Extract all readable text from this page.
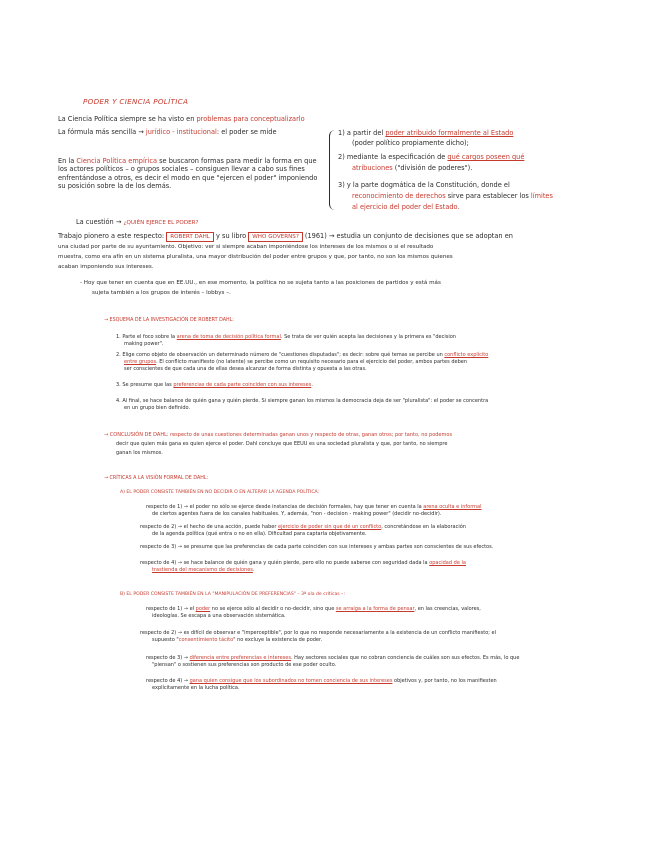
PODER Y CIENCIA POLÍTICA
La Ciencia Política siempre se ha visto en problemas para conceptualizarlo
La fórmula más sencilla → jurídico - institucional: el poder se mide	1) a partir del poder atribuido formalmente al Estado
(poder político propiamente dicho);
2) mediante la especificación de qué cargos poseen qué
atribuciones ("división de poderes").
3) y la parte dogmática de la Constitución, donde el
reconocimiento de derechos sirve para establecer los límites
al ejercicio del poder del Estado.
En la Ciencia Política empírica se buscaron formas para medir la forma en que los actores políticos – o grupos sociales – consiguen llevar a cabo sus fines enfrentándose a otros, es decir el modo en que "ejercen el poder" imponiendo su posición sobre la de los demás.
La cuestión → ¿QUIÉN EJERCE EL PODER?
Trabajo pionero a este respecto: ROBERT DAHL y su libro WHO GOVERNS? (1961) → estudia un conjunto de decisiones que se adoptan en
una ciudad por parte de su ayuntamiento. Objetivo: ver si siempre acaban imponiéndose los intereses de los mismos o si el resultado
muestra, como era afín en un sistema pluralista, una mayor distribución del poder entre grupos y que, por tanto, no son los mismos quienes
acaban imponiendo sus intereses.
- Hoy que tener en cuenta que en EE.UU., en ese momento, la política no se sujeta tanto a las posiciones de partidos y está más
sujeta también a los grupos de interés – lobbys –.
→ ESQUEMA DE LA INVESTIGACIÓN DE ROBERT DAHL:
1. Parte el foco sobre la arena de toma de decisión política formal. Se trata de ver quién acepta las decisiones y la primera es "decision
making power".
2. Elige como objeto de observación un determinado número de "cuestiones disputadas"; es decir: sobre qué temas se percibe un conflicto explícito
entre grupos. El conflicto manifiesto (no latente) se percibe como un requisito necesario para el ejercicio del poder, ambos partes deben
ser conscientes de que cada una de ellas desea alcanzar de forma distinta y opuesta a las otras.
3. Se presume que las preferencias de cada parte coinciden con sus intereses.
4. Al final, se hace balance de quién gana y quién pierde. Si siempre ganan los mismos la democracia deja de ser "pluralista": el poder se concentra
en un grupo bien definido.
→ CONCLUSIÓN DE DAHL: respecto de unas cuestiones determinadas ganan unos y respecto de otras, ganan otros; por tanto, no podemos
decir que quien más gana es quien ejerce el poder. Dahl concluye que EEUU es una sociedad pluralista y que, por tanto, no siempre
ganan los mismos.
→ CRÍTICAS A LA VISIÓN FORMAL DE DAHL:
A) EL PODER CONSISTE TAMBIÉN EN NO DECIDIR O EN ALTERAR LA AGENDA POLÍTICA:
respecto de 1) → el poder no sólo se ejerce desde instancias de decisión formales, hay que tener en cuenta la arena oculta e informal
de ciertos agentes fuera de los canales habituales. Y, además, "non - decision - making power" (decidir no-decidir).
respecto de 2) → el hecho de una acción, puede haber ejercicio de poder sin que dé un conflicto, concretándose en la elaboración
de la agenda política (qué entra o no en ella). Dificultad para captarla objetivamente.
respecto de 3) → se presume que las preferencias de cada parte coinciden con sus intereses y ambas partes son conscientes de sus efectos.
respecto de 4) → se hace balance de quién gana y quién pierde, pero ello no puede saberse con seguridad dada la opacidad de la
trastienda del mecanismo de decisiones.
B) EL PODER CONSISTE TAMBIÉN EN LA "MANIPULACIÓN DE PREFERENCIAS" – 3ª ola de críticas –:
respecto de 1) → el poder no se ejerce sólo al decidir o no-decidir, sino que se arraiga a la forma de pensar, en las creencias, valores,
ideologías. Se escapa a una observación sistemática.
respecto de 2) → es difícil de observar e "imperceptible", por lo que no responde necesariamente a la existencia de un conflicto manifiesto; el
supuesto "consentimiento tácito" no excluye la existencia de poder.
respecto de 3) → diferencia entre preferencias e intereses. Hay sectores sociales que no cobran conciencia de cuáles son sus efectos. Es más, lo que
"piensan" o sostienen sus preferencias son producto de ese poder oculto.
respecto de 4) → gana quien consigue que los subordinados no tomen conciencia de sus intereses objetivos y, por tanto, no los manifiesten
explícitamente en la lucha política.
